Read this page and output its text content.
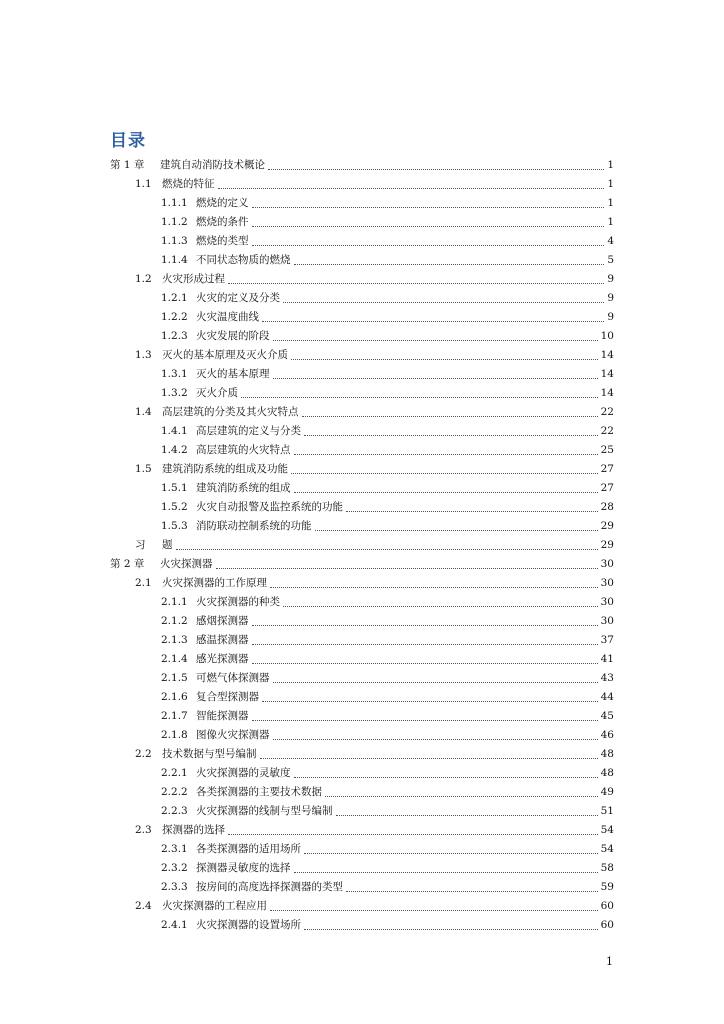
目录
第 1 章	建筑自动消防技术概论	1
1.1 燃烧的特征	1
1.1.1 燃烧的定义	1
1.1.2 燃烧的条件	1
1.1.3 燃烧的类型	4
1.1.4 不同状态物质的燃烧	5
1.2 火灾形成过程	9
1.2.1 火灾的定义及分类	9
1.2.2 火灾温度曲线	9
1.2.3 火灾发展的阶段	10
1.3 灭火的基本原理及灭火介质	14
1.3.1 灭火的基本原理	14
1.3.2 灭火介质	14
1.4 高层建筑的分类及其火灾特点	22
1.4.1 高层建筑的定义与分类	22
1.4.2 高层建筑的火灾特点	25
1.5 建筑消防系统的组成及功能	27
1.5.1 建筑消防系统的组成	27
1.5.2 火灾自动报警及监控系统的功能	28
1.5.3 消防联动控制系统的功能	29
习	题	29
第 2 章	火灾探测器	30
2.1 火灾探测器的工作原理	30
2.1.1 火灾探测器的种类	30
2.1.2 感烟探测器	30
2.1.3 感温探测器	37
2.1.4 感光探测器	41
2.1.5 可燃气体探测器	43
2.1.6 复合型探测器	44
2.1.7 智能探测器	45
2.1.8 图像火灾探测器	46
2.2 技术数据与型号编制	48
2.2.1 火灾探测器的灵敏度	48
2.2.2 各类探测器的主要技术数据	49
2.2.3 火灾探测器的线制与型号编制	51
2.3 探测器的选择	54
2.3.1 各类探测器的适用场所	54
2.3.2 探测器灵敏度的选择	58
2.3.3 按房间的高度选择探测器的类型	59
2.4 火灾探测器的工程应用	60
2.4.1 火灾探测器的设置场所	60
1
